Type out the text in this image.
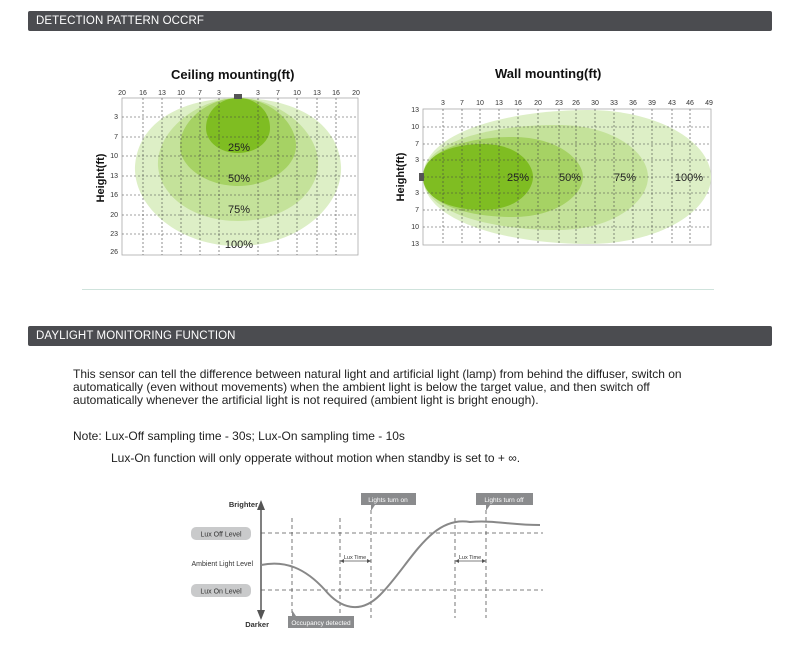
DETECTION PATTERN OCCRF
Ceiling mounting(ft)	Wall mounting(ft)
20 16 13 10 7 3	3 7 10 13 16 20
3
7
10
13
16
20
23
26
25%
50%
75%
100%
Height(ft)
3 7 10 13 16 20 23 26 30 33 36 39 43 46 49
13
10
7
3
3
7
10
13
25%	50%	75%	100%
Height(ft)
DAYLIGHT MONITORING FUNCTION
This sensor can tell the difference between natural light and artificial light (lamp) from behind the diffuser, switch on automatically (even without movements) when the ambient light is below the target value, and then switch off automatically whenever the artificial light is not required (ambient light is bright enough).
Note: Lux-Off sampling time - 30s; Lux-On sampling time - 10s
Lux-On function will only opperate without motion when standby is set to + ∞.
Brighter
Darker
Lux Off Level
Ambient Light Level
Lux On Level
Lux Time	Lux Time
Lights turn on	Lights turn off
Occupancy detected
